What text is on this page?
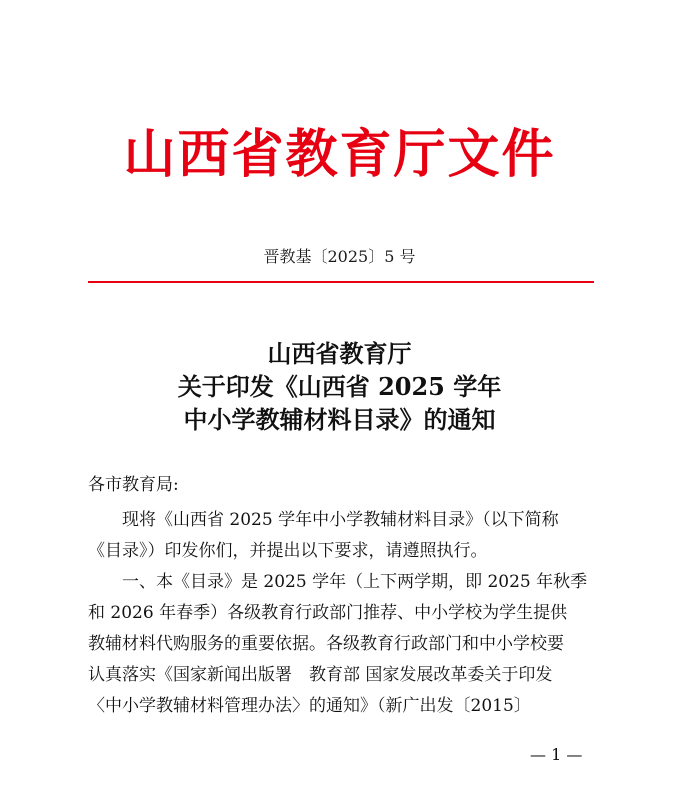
山西省教育厅文件
晋教基〔2025〕5 号
山西省教育厅
关于印发《山西省 2025 学年
中小学教辅材料目录》的通知
各市教育局:
现将《山西省 2025 学年中小学教辅材料目录》（以下简称
《目录》）印发你们，并提出以下要求，请遵照执行。
一、本《目录》是 2025 学年（上下两学期，即 2025 年秋季
和 2026 年春季）各级教育行政部门推荐、中小学校为学生提供
教辅材料代购服务的重要依据。各级教育行政部门和中小学校要
认真落实《国家新闻出版署　教育部 国家发展改革委关于印发
〈中小学教辅材料管理办法〉的通知》（新广出发〔2015〕
— 1 —
